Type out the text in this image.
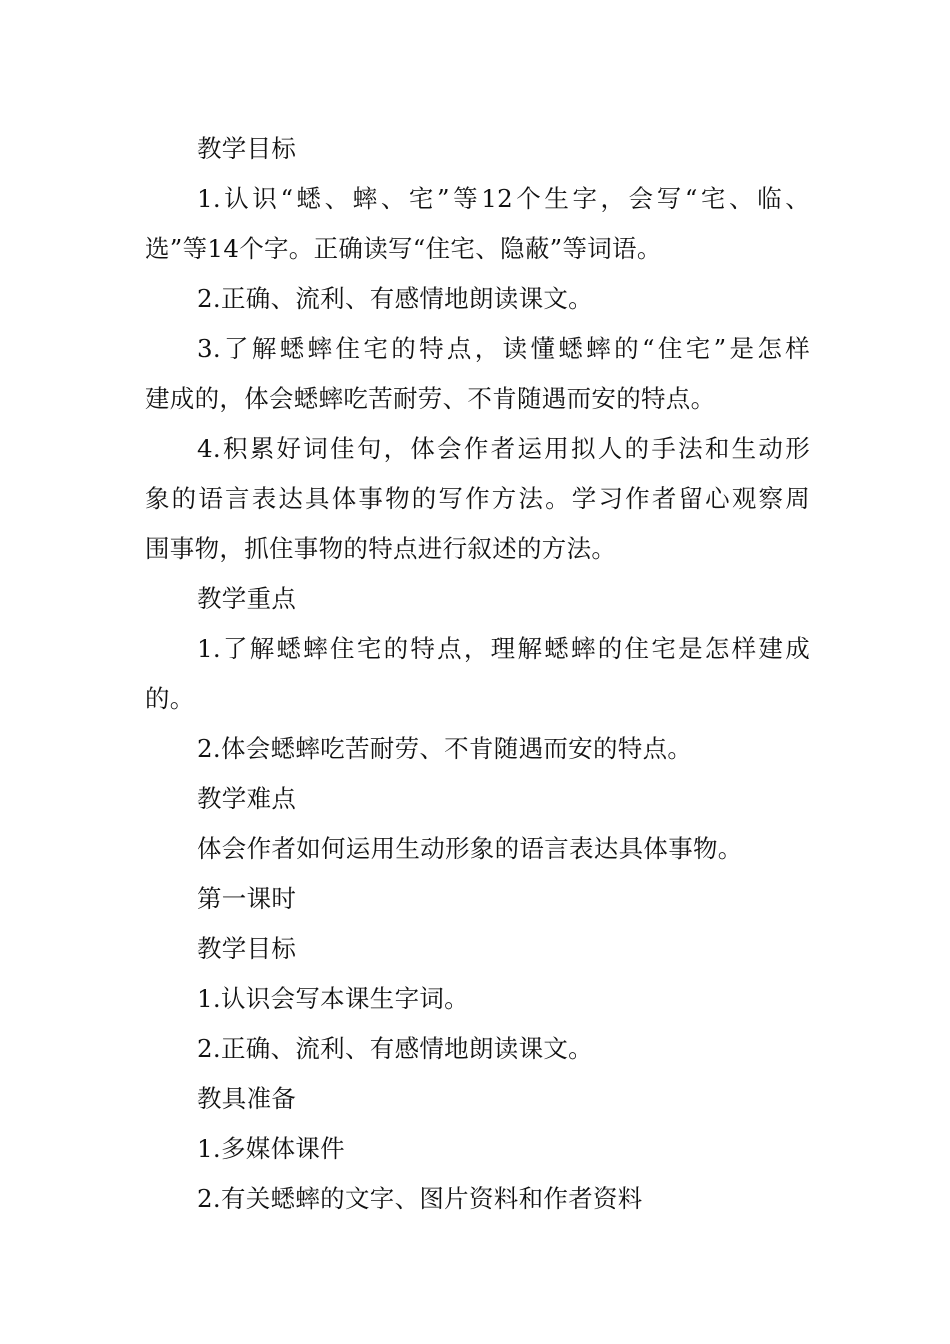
教学目标
1.认识“蟋、蟀、宅”等12个生字，会写“宅、临、
选”等14个字。正确读写“住宅、隐蔽”等词语。
2.正确、流利、有感情地朗读课文。
3.了解蟋蟀住宅的特点，读懂蟋蟀的“住宅”是怎样
建成的，体会蟋蟀吃苦耐劳、不肯随遇而安的特点。
4.积累好词佳句，体会作者运用拟人的手法和生动形
象的语言表达具体事物的写作方法。学习作者留心观察周
围事物，抓住事物的特点进行叙述的方法。
教学重点
1.了解蟋蟀住宅的特点，理解蟋蟀的住宅是怎样建成
的。
2.体会蟋蟀吃苦耐劳、不肯随遇而安的特点。
教学难点
体会作者如何运用生动形象的语言表达具体事物。
第一课时
教学目标
1.认识会写本课生字词。
2.正确、流利、有感情地朗读课文。
教具准备
1.多媒体课件
2.有关蟋蟀的文字、图片资料和作者资料
